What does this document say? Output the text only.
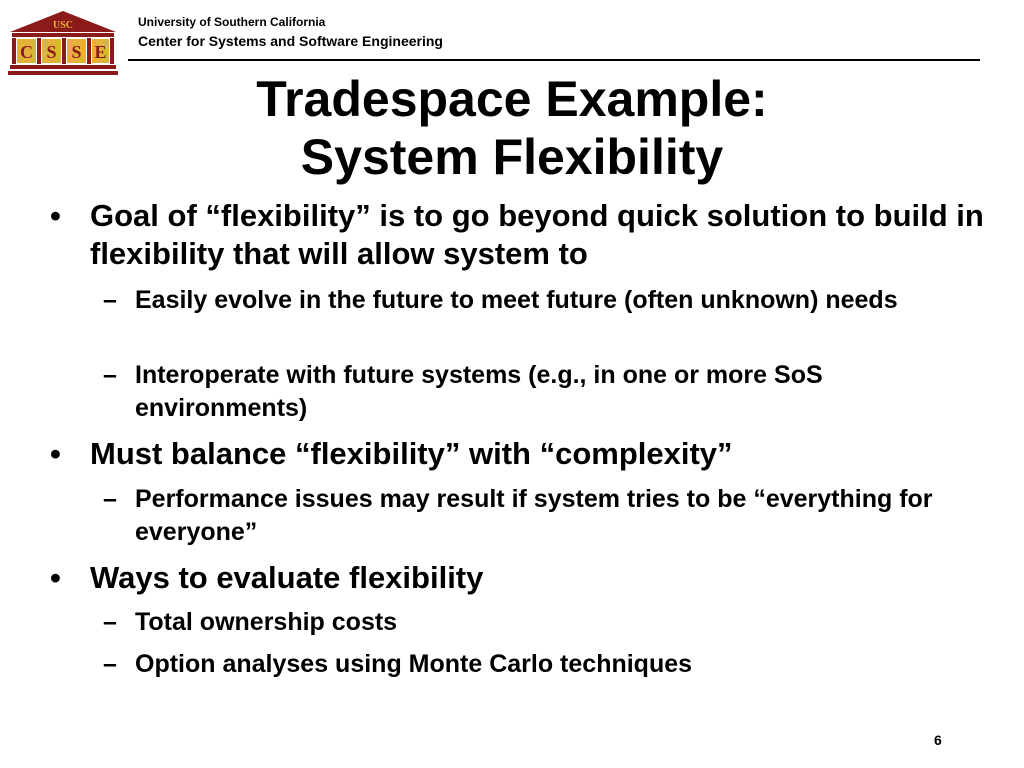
USC
C S S E
University of Southern California
Center for Systems and Software Engineering
Tradespace Example:
System Flexibility
• Goal of “flexibility” is to go beyond quick solution to build in flexibility that will allow system to
– Easily evolve in the future to meet future (often unknown) needs
– Interoperate with future systems (e.g., in one or more SoS environments)
• Must balance “flexibility” with “complexity”
– Performance issues may result if system tries to be “everything for everyone”
• Ways to evaluate flexibility
– Total ownership costs
– Option analyses using Monte Carlo techniques
6
